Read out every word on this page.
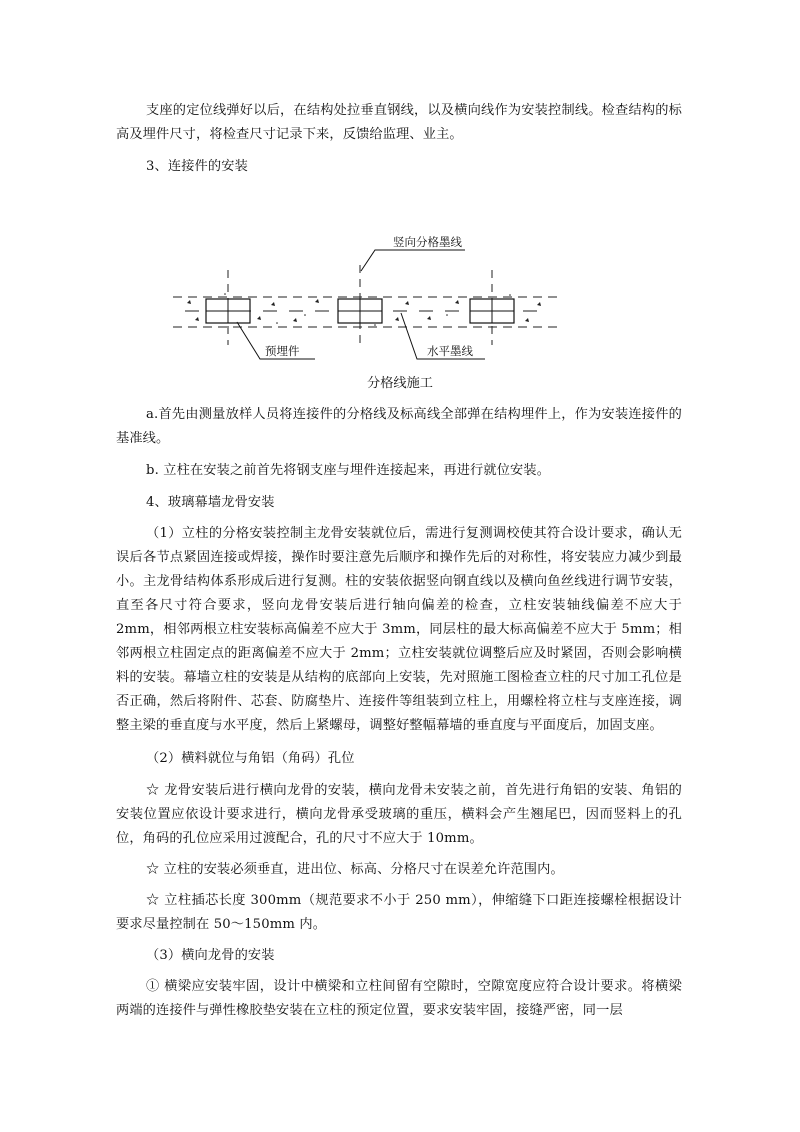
支座的定位线弹好以后，在结构处拉垂直钢线，以及横向线作为安装控制线。检查结构的标高及埋件尺寸，将检查尺寸记录下来，反馈给监理、业主。

3、连接件的安装

竖向分格墨线
预埋件	水平墨线
分格线施工

a.首先由测量放样人员将连接件的分格线及标高线全部弹在结构埋件上，作为安装连接件的基准线。

b. 立柱在安装之前首先将钢支座与埋件连接起来，再进行就位安装。

4、玻璃幕墙龙骨安装

（1）立柱的分格安装控制主龙骨安装就位后，需进行复测调校使其符合设计要求，确认无误后各节点紧固连接或焊接，操作时要注意先后顺序和操作先后的对称性，将安装应力减少到最小。主龙骨结构体系形成后进行复测。柱的安装依据竖向钢直线以及横向鱼丝线进行调节安装，直至各尺寸符合要求，竖向龙骨安装后进行轴向偏差的检查，立柱安装轴线偏差不应大于 2mm，相邻两根立柱安装标高偏差不应大于 3mm，同层柱的最大标高偏差不应大于 5mm；相邻两根立柱固定点的距离偏差不应大于 2mm；立柱安装就位调整后应及时紧固，否则会影响横料的安装。幕墙立柱的安装是从结构的底部向上安装，先对照施工图检查立柱的尺寸加工孔位是否正确，然后将附件、芯套、防腐垫片、连接件等组装到立柱上，用螺栓将立柱与支座连接，调整主梁的垂直度与水平度，然后上紧螺母，调整好整幅幕墙的垂直度与平面度后，加固支座。

（2）横料就位与角铝（角码）孔位

☆ 龙骨安装后进行横向龙骨的安装，横向龙骨未安装之前，首先进行角铝的安装、角铝的安装位置应依设计要求进行，横向龙骨承受玻璃的重压，横料会产生翘尾巴，因而竖料上的孔位，角码的孔位应采用过渡配合，孔的尺寸不应大于 10mm。

☆ 立柱的安装必须垂直，进出位、标高、分格尺寸在误差允许范围内。

☆ 立柱插芯长度 300mm（规范要求不小于 250 mm），伸缩缝下口距连接螺栓根据设计要求尽量控制在 50～150mm 内。

（3）横向龙骨的安装

① 横梁应安装牢固，设计中横梁和立柱间留有空隙时，空隙宽度应符合设计要求。将横梁两端的连接件与弹性橡胶垫安装在立柱的预定位置，要求安装牢固，接缝严密，同一层
